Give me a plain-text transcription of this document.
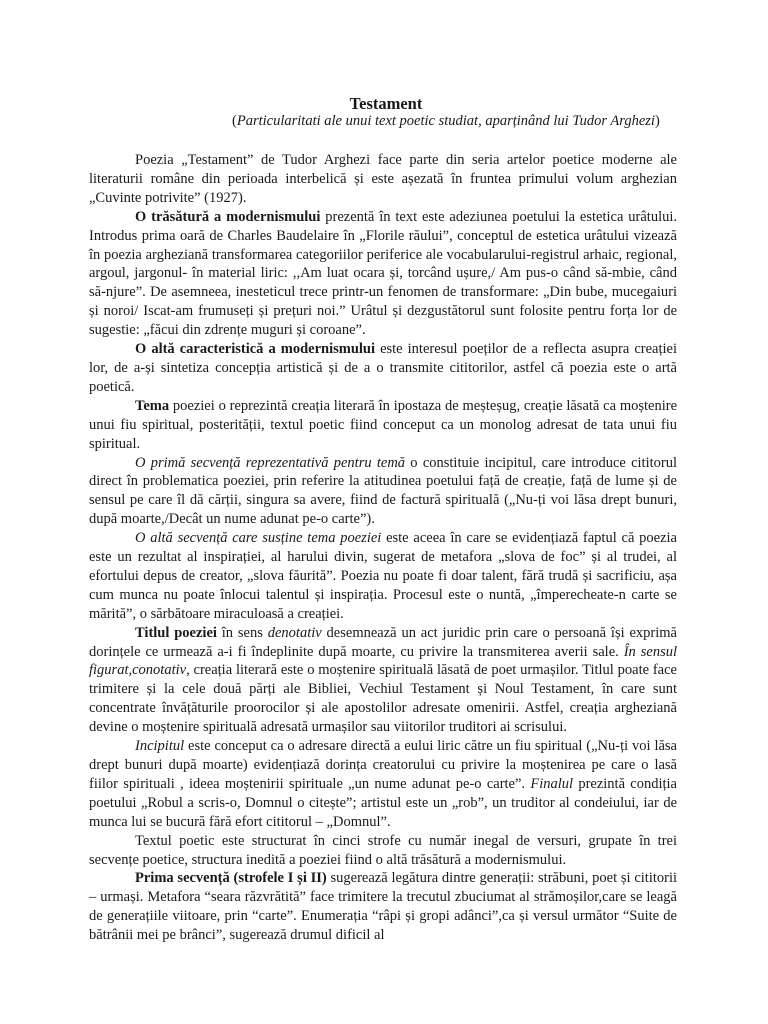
Testament
(Particularitati ale unui text poetic studiat, aparținând lui Tudor Arghezi)

Poezia „Testament” de Tudor Arghezi face parte din seria artelor poetice moderne ale literaturii române din perioada interbelică și este așezată în fruntea primului volum arghezian „Cuvinte potrivite” (1927).

O trăsătură a modernismului prezentă în text este adeziunea poetului la estetica urâtului. Introdus prima oară de Charles Baudelaire în „Florile răului”, conceptul de estetica urâtului vizează în poezia argheziană transformarea categoriilor periferice ale vocabularului-registrul arhaic, regional, argoul, jargonul- în material liric: ,,Am luat ocara și, torcând ușure,/ Am pus-o când să-mbie, când să-njure”. De asemneea, inesteticul trece printr-un fenomen de transformare: „Din bube, mucegaiuri și noroi/ Iscat-am frumuseți și prețuri noi.” Urâtul și dezgustătorul sunt folosite pentru forța lor de sugestie: „făcui din zdrențe muguri și coroane”.

O altă caracteristică a modernismului este interesul poeților de a reflecta asupra creației lor, de a-și sintetiza concepția artistică și de a o transmite cititorilor, astfel că poezia este o artă poetică.

Tema poeziei o reprezintă creația literară în ipostaza de meșteșug, creație lăsată ca moștenire unui fiu spiritual, posterității, textul poetic fiind conceput ca un monolog adresat de tata unui fiu spiritual.

O primă secvență reprezentativă pentru temă o constituie incipitul, care introduce cititorul direct în problematica poeziei, prin referire la atitudinea poetului față de creație, față de lume și de sensul pe care îl dă cărții, singura sa avere, fiind de factură spirituală („Nu-ți voi lăsa drept bunuri, după moarte,/Decât un nume adunat pe-o carte”).

O altă secvență care susține tema poeziei este aceea în care se evidențiază faptul că poezia este un rezultat al inspirației, al harului divin, sugerat de metafora „slova de foc” și al trudei, al efortului depus de creator, „slova făurită”. Poezia nu poate fi doar talent, fără trudă și sacrificiu, așa cum munca nu poate înlocui talentul și inspirația. Procesul este o nuntă, „împerecheate-n carte se mărită”, o sărbătoare miraculoasă a creației.

Titlul poeziei în sens denotativ desemnează un act juridic prin care o persoană își exprimă dorințele ce urmează a-i fi îndeplinite după moarte, cu privire la transmiterea averii sale. În sensul figurat,conotativ, creația literară este o moștenire spirituală lăsată de poet urmașilor. Titlul poate face trimitere și la cele două părți ale Bibliei, Vechiul Testament și Noul Testament, în care sunt concentrate învățăturile proorocilor și ale apostolilor adresate omenirii. Astfel, creația argheziană devine o moștenire spirituală adresată urmașilor sau viitorilor truditori ai scrisului.

Incipitul este conceput ca o adresare directă a eului liric către un fiu spiritual („Nu-ți voi lăsa drept bunuri după moarte) evidențiază dorința creatorului cu privire la moștenirea pe care o lasă fiilor spirituali , ideea moștenirii spirituale „un nume adunat pe-o carte”. Finalul prezintă condiția poetului „Robul a scris-o, Domnul o citește”; artistul este un „rob”, un truditor al condeiului, iar de munca lui se bucură fără efort cititorul – „Domnul”.

Textul poetic este structurat în cinci strofe cu număr inegal de versuri, grupate în trei secvențe poetice, structura inedită a poeziei fiind o altă trăsătură a modernismului.

Prima secvență (strofele I și II) sugerează legătura dintre generații: străbuni, poet și cititorii – urmași. Metafora “seara răzvrătită” face trimitere la trecutul zbuciumat al strămoșilor,care se leagă de generațiile viitoare, prin “carte”. Enumerația “râpi și gropi adânci”,ca și versul următor “Suite de bătrânii mei pe brânci”, sugerează drumul dificil al
